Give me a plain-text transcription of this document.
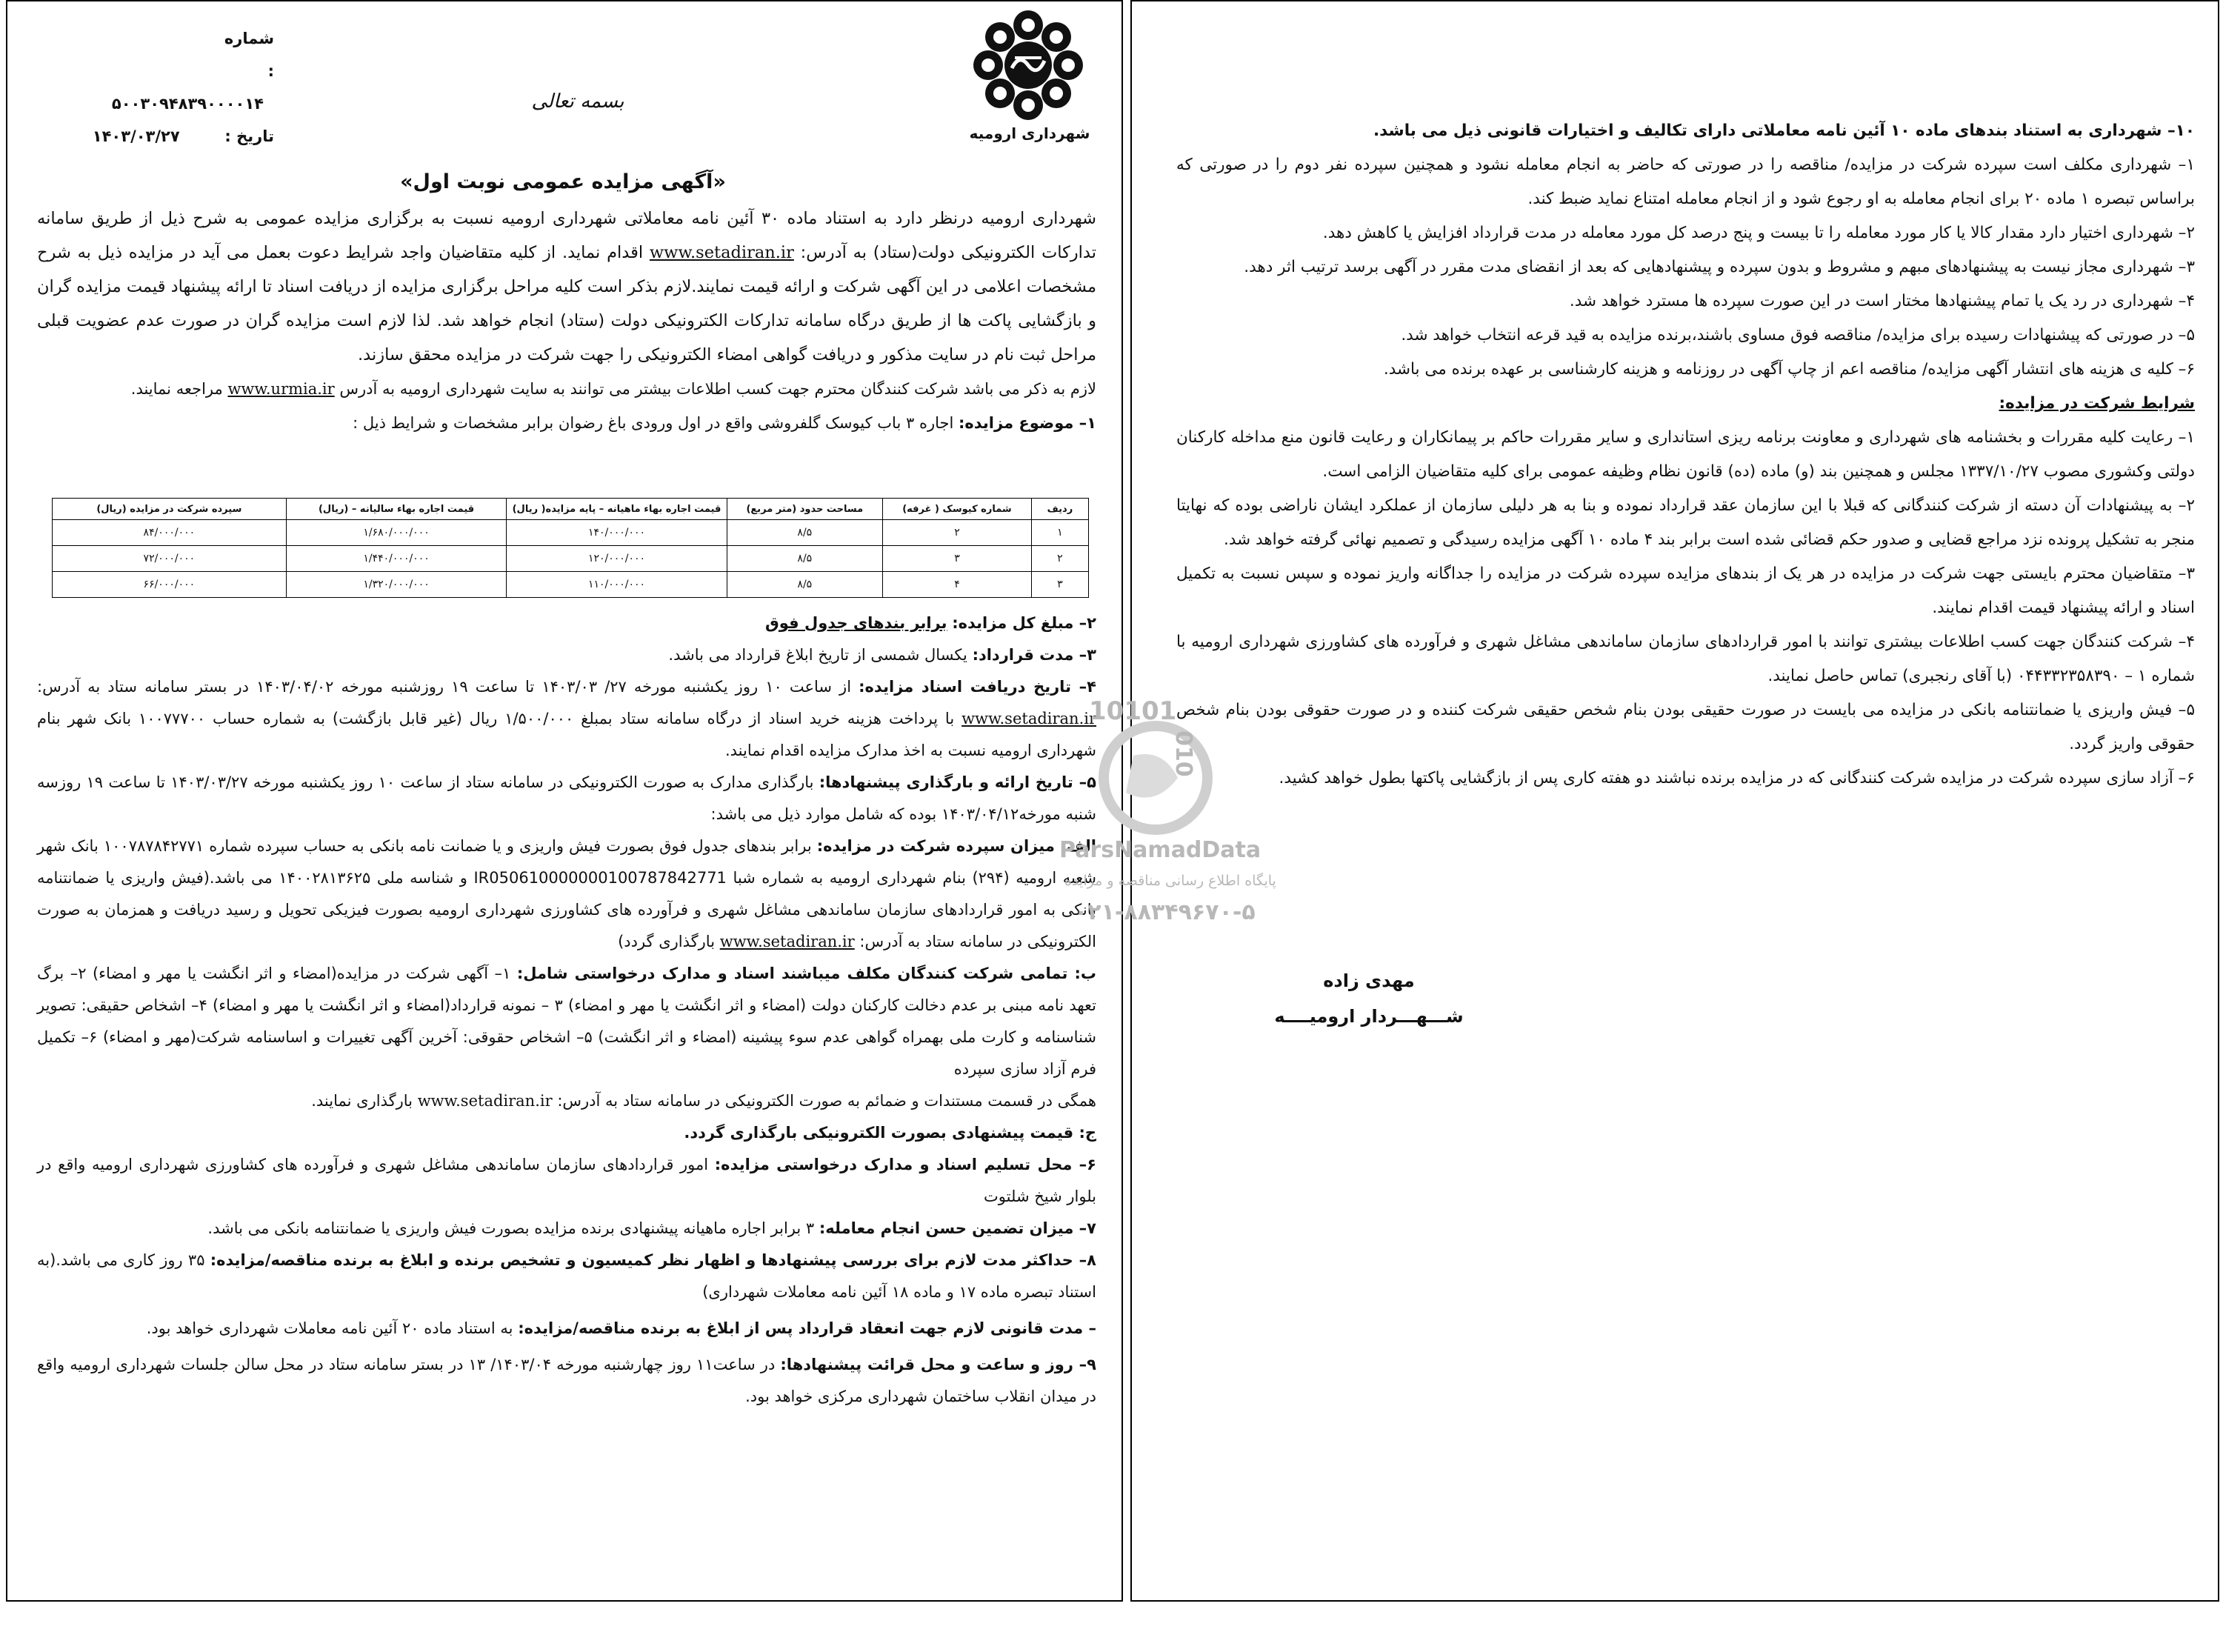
شماره : ۵۰۰۳۰۹۴۸۳۹۰۰۰۰۱۴
تاریخ : ۱۴۰۳/۰۳/۲۷	شهرداری ارومیه
بسمه تعالی
«آگهی مزایده عمومی نوبت اول»

شهرداری ارومیه درنظر دارد به استناد ماده ۳۰ آئین نامه معاملاتی شهرداری ارومیه نسبت به برگزاری مزایده عمومی به شرح ذیل از طریق سامانه تدارکات الکترونیکی دولت(ستاد) به آدرس: www.setadiran.ir اقدام نماید. از کلیه متقاضیان واجد شرایط دعوت بعمل می آید در مزایده ذیل به شرح مشخصات اعلامی در این آگهی شرکت و ارائه قیمت نمایند.لازم بذکر است کلیه مراحل برگزاری مزایده از دریافت اسناد تا ارائه پیشنهاد قیمت مزایده گران و بازگشایی پاکت ها از طریق درگاه سامانه تدارکات الکترونیکی دولت (ستاد) انجام خواهد شد. لذا لازم است مزایده گران در صورت عدم عضویت قبلی مراحل ثبت نام در سایت مذکور و دریافت گواهی امضاء الکترونیکی را جهت شرکت در مزایده محقق سازند.

لازم به ذکر می باشد شرکت کنندگان محترم جهت کسب اطلاعات بیشتر می توانند به سایت شهرداری ارومیه به آدرس www.urmia.ir مراجعه نمایند.

۱– موضوع مزایده: اجاره ۳ باب کیوسک گلفروشی واقع در اول ورودی باغ رضوان برابر مشخصات و شرایط ذیل :

ردیف	شماره کیوسک ( غرفه)	مساحت حدود (متر مربع)	قیمت اجاره بهاء ماهیانه – پایه مزایده( ریال)	قیمت اجاره بهاء سالیانه – (ریال)	سپرده شرکت در مزایده (ریال)
۱	۲	۸/۵	۱۴۰/۰۰۰/۰۰۰	۱/۶۸۰/۰۰۰/۰۰۰	۸۴/۰۰۰/۰۰۰
۲	۳	۸/۵	۱۲۰/۰۰۰/۰۰۰	۱/۴۴۰/۰۰۰/۰۰۰	۷۲/۰۰۰/۰۰۰
۳	۴	۸/۵	۱۱۰/۰۰۰/۰۰۰	۱/۳۲۰/۰۰۰/۰۰۰	۶۶/۰۰۰/۰۰۰

۲– مبلغ کل مزایده: برابر بندهای جدول فوق

۳– مدت قرارداد: یکسال شمسی از تاریخ ابلاغ قرارداد می باشد.

۴– تاریخ دریافت اسناد مزایده: از ساعت ۱۰ روز یکشنبه مورخه ۲۷/ ۱۴۰۳/۰۳ تا ساعت ۱۹ روزشنبه مورخه ۱۴۰۳/۰۴/۰۲ در بستر سامانه ستاد به آدرس: www.setadiran.ir با پرداخت هزینه خرید اسناد از درگاه سامانه ستاد بمبلغ ۱/۵۰۰/۰۰۰ ریال (غیر قابل بازگشت) به شماره حساب ۱۰۰۷۷۷۰۰ بانک شهر بنام شهرداری ارومیه نسبت به اخذ مدارک مزایده اقدام نمایند.

۵– تاریخ ارائه و بارگذاری پیشنهادها: بارگذاری مدارک به صورت الکترونیکی در سامانه ستاد از ساعت ۱۰ روز یکشنبه مورخه ۱۴۰۳/۰۳/۲۷ تا ساعت ۱۹ روزسه شنبه مورخه۱۴۰۳/۰۴/۱۲ بوده که شامل موارد ذیل می باشد:

الف: میزان سپرده شرکت در مزایده: برابر بندهای جدول فوق بصورت فیش واریزی و یا ضمانت نامه بانکی به حساب سپرده شماره ۱۰۰۷۸۷۸۴۲۷۷۱ بانک شهر شعبه ارومیه (۲۹۴) بنام شهرداری ارومیه به شماره شبا IR050610000000100787842771 و شناسه ملی ۱۴۰۰۲۸۱۳۶۲۵ می باشد.(فیش واریزی یا ضمانتنامه بانکی به امور قراردادهای سازمان ساماندهی مشاغل شهری و فرآورده های کشاورزی شهرداری ارومیه بصورت فیزیکی تحویل و رسید دریافت و همزمان به صورت الکترونیکی در سامانه ستاد به آدرس: www.setadiran.ir بارگذاری گردد)

ب: تمامی شرکت کنندگان مکلف میباشند اسناد و مدارک درخواستی شامل: ۱– آگهی شرکت در مزایده(امضاء و اثر انگشت یا مهر و امضاء) ۲– برگ تعهد نامه مبنی بر عدم دخالت کارکنان دولت (امضاء و اثر انگشت یا مهر و امضاء) ۳ – نمونه قرارداد(امضاء و اثر انگشت یا مهر و امضاء) ۴– اشخاص حقیقی: تصویر شناسنامه و کارت ملی بهمراه گواهی عدم سوء پیشینه (امضاء و اثر انگشت) ۵– اشخاص حقوقی: آخرین آگهی تغییرات و اساسنامه شرکت(مهر و امضاء) ۶– تکمیل فرم آزاد سازی سپرده

همگی در قسمت مستندات و ضمائم به صورت الکترونیکی در سامانه ستاد به آدرس: www.setadiran.ir بارگذاری نمایند.

ج: قیمت پیشنهادی بصورت الکترونیکی بارگذاری گردد.

۶– محل تسلیم اسناد و مدارک درخواستی مزایده: امور قراردادهای سازمان ساماندهی مشاغل شهری و فرآورده های کشاورزی شهرداری ارومیه واقع در بلوار شیخ شلتوت

۷– میزان تضمین حسن انجام معامله: ۳ برابر اجاره ماهیانه پیشنهادی برنده مزایده بصورت فیش واریزی یا ضمانتنامه بانکی می باشد.

۸– حداکثر مدت لازم برای بررسی پیشنهادها و اظهار نظر کمیسیون و تشخیص برنده و ابلاغ به برنده مناقصه/مزایده: ۳۵ روز کاری می باشد.(به استناد تبصره ماده ۱۷ و ماده ۱۸ آئین نامه معاملات شهرداری)

– مدت قانونی لازم جهت انعقاد قرارداد پس از ابلاغ به برنده مناقصه/مزایده: به استناد ماده ۲۰ آئین نامه معاملات شهرداری خواهد بود.

۹– روز و ساعت و محل قرائت پیشنهادها: در ساعت۱۱ روز چهارشنبه مورخه ۱۴۰۳/۰۴/ ۱۳ در بستر سامانه ستاد در محل سالن جلسات شهرداری ارومیه واقع در میدان انقلاب ساختمان شهرداری مرکزی خواهد بود.

۱۰– شهرداری به استناد بندهای ماده ۱۰ آئین نامه معاملاتی دارای تکالیف و اختیارات قانونی ذیل می باشد.

۱– شهرداری مکلف است سپرده شرکت در مزایده/ مناقصه را در صورتی که حاضر به انجام معامله نشود و همچنین سپرده نفر دوم را در صورتی که براساس تبصره ۱ ماده ۲۰ برای انجام معامله به او رجوع شود و از انجام معامله امتناع نماید ضبط کند.

۲– شهرداری اختیار دارد مقدار کالا یا کار مورد معامله را تا بیست و پنج درصد کل مورد معامله در مدت قرارداد افزایش یا کاهش دهد.

۳– شهرداری مجاز نیست به پیشنهادهای مبهم و مشروط و بدون سپرده و پیشنهادهایی که بعد از انقضای مدت مقرر در آگهی برسد ترتیب اثر دهد.

۴– شهرداری در رد یک یا تمام پیشنهادها مختار است در این صورت سپرده ها مسترد خواهد شد.

۵– در صورتی که پیشنهادات رسیده برای مزایده/ مناقصه فوق مساوی باشند،برنده مزایده به قید قرعه انتخاب خواهد شد.

۶– کلیه ی هزینه های انتشار آگهی مزایده/ مناقصه اعم از چاپ آگهی در روزنامه و هزینه کارشناسی بر عهده برنده می باشد.

شرایط شرکت در مزایده:

۱– رعایت کلیه مقررات و بخشنامه های شهرداری و معاونت برنامه ریزی استانداری و سایر مقررات حاکم بر پیمانکاران و رعایت قانون منع مداخله کارکنان دولتی وکشوری مصوب ۱۳۳۷/۱۰/۲۷ مجلس و همچنین بند (و) ماده (ده) قانون نظام وظیفه عمومی برای کلیه متقاضیان الزامی است.

۲– به پیشنهادات آن دسته از شرکت کنندگانی که قبلا با این سازمان عقد قرارداد نموده و بنا به هر دلیلی سازمان از عملکرد ایشان ناراضی بوده که نهایتا منجر به تشکیل پرونده نزد مراجع قضایی و صدور حکم قضائی شده است برابر بند ۴ ماده ۱۰ آگهی مزایده رسیدگی و تصمیم نهائی گرفته خواهد شد.

۳– متقاضیان محترم بایستی جهت شرکت در مزایده در هر یک از بندهای مزایده سپرده شرکت در مزایده را جداگانه واریز نموده و سپس نسبت به تکمیل اسناد و ارائه پیشنهاد قیمت اقدام نمایند.

۴– شرکت کنندگان جهت کسب اطلاعات بیشتری توانند با امور قراردادهای سازمان ساماندهی مشاغل شهری و فرآورده های کشاورزی شهرداری ارومیه با شماره ۱ – ۰۴۴۳۳۲۳۵۸۳۹۰ (با آقای رنجبری) تماس حاصل نمایند.

۵– فیش واریزی یا ضمانتنامه بانکی در مزایده می بایست در صورت حقیقی بودن بنام شخص حقیقی شرکت کننده و در صورت حقوقی بودن بنام شخص حقوقی واریز گردد.

۶– آزاد سازی سپرده شرکت در مزایده شرکت کنندگانی که در مزایده برنده نباشند دو هفته کاری پس از بازگشایی پاکتها بطول خواهد کشید.

مهدی زاده
شـــهـــردار ارومیــــه
10101
010
ParsNamadData
پایگاه اطلاع رسانی مناقصه و مزایده
۰۲۱-۸۸۳۴۹۶۷۰-۵
